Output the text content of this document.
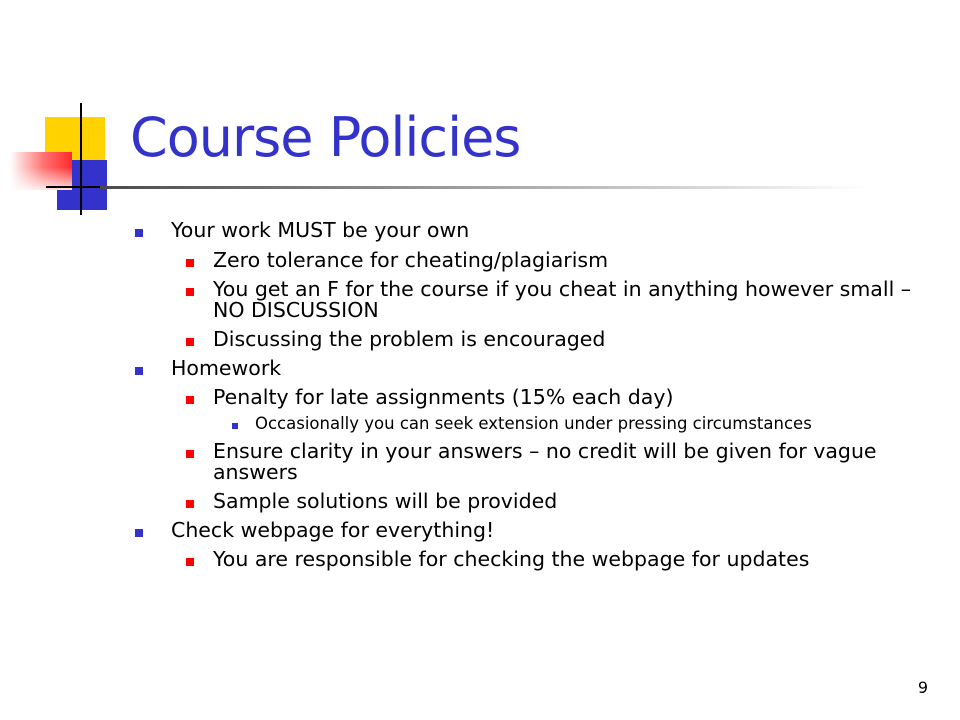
Course Policies
Your work MUST be your own
Zero tolerance for cheating/plagiarism
You get an F for the course if you cheat in anything however small – NO DISCUSSION
Discussing the problem is encouraged
Homework
Penalty for late assignments (15% each day)
Occasionally you can seek extension under pressing circumstances
Ensure clarity in your answers – no credit will be given for vague answers
Sample solutions will be provided
Check webpage for everything!
You are responsible for checking the webpage for updates
9
